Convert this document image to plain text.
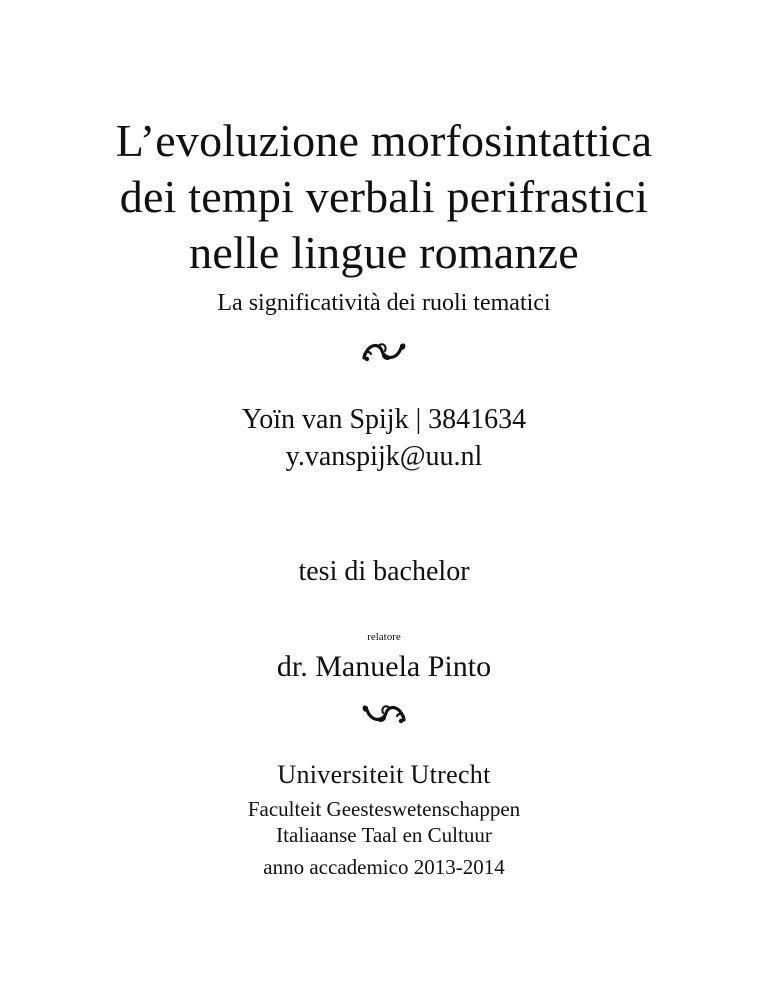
L’evoluzione morfosintattica
dei tempi verbali perifrastici
nelle lingue romanze
La significatività dei ruoli tematici
Yoïn van Spijk | 3841634
y.vanspijk@uu.nl
tesi di bachelor
relatore
dr. Manuela Pinto
Universiteit Utrecht
Faculteit Geesteswetenschappen
Italiaanse Taal en Cultuur
anno accademico 2013-2014
